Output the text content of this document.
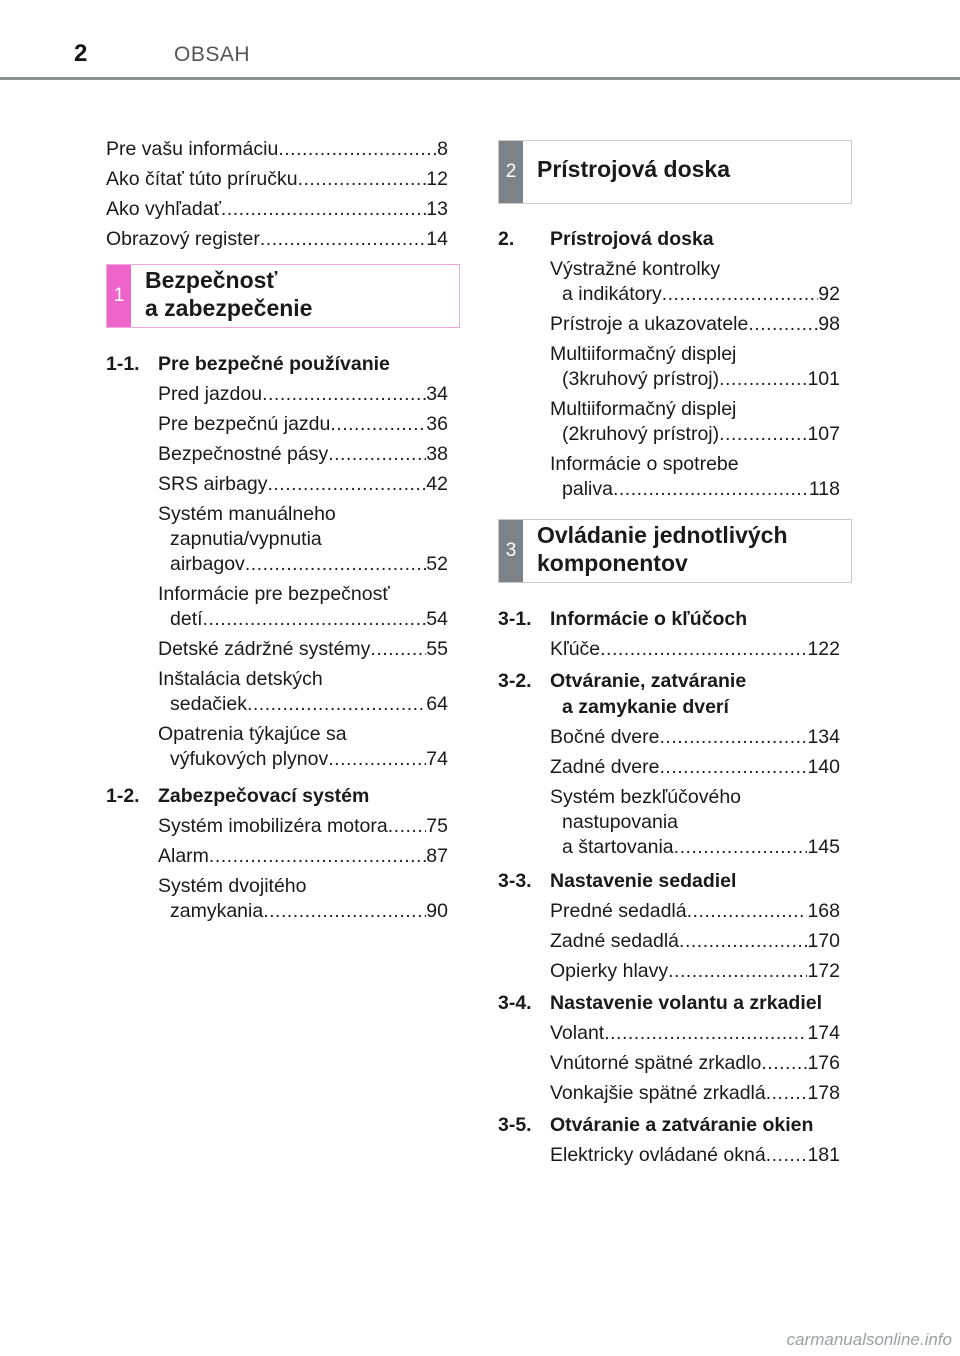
2	OBSAH
Pre vašu informáciu .....	8
Ako čítať túto príručku .....	12
Ako vyhľadať .....	13
Obrazový register .....	14
1
Bezpečnosť
a zabezpečenie
1-1. Pre bezpečné používanie
Pred jazdou .....	34
Pre bezpečnú jazdu .....	36
Bezpečnostné pásy .....	38
SRS airbagy .....	42
Systém manuálneho
zapnutia/vypnutia
airbagov .....	52
Informácie pre bezpečnosť
detí .....	54
Detské zádržné systémy .....	55
Inštalácia detských
sedačiek .....	64
Opatrenia týkajúce sa
výfukových plynov .....	74
1-2. Zabezpečovací systém
Systém imobilizéra motora ..... 75
Alarm .....	87
Systém dvojitého
zamykania .....	90
2 Prístrojová doska
2. Prístrojová doska
Výstražné kontrolky
a indikátory .....	92
Prístroje a ukazovatele .....	98
Multiiformačný displej
(3kruhový prístroj) .....	101
Multiiformačný displej
(2kruhový prístroj) .....	107
Informácie o spotrebe
paliva .....	118
3
Ovládanie jednotlivých
komponentov
3-1. Informácie o kľúčoch
Kľúče .....	122
3-2. Otváranie, zatváranie
a zamykanie dverí
Bočné dvere .....	134
Zadné dvere .....	140
Systém bezkľúčového
nastupovania
a štartovania .....	145
3-3. Nastavenie sedadiel
Predné sedadlá .....	168
Zadné sedadlá .....	170
Opierky hlavy .....	172
3-4. Nastavenie volantu a zrkadiel
Volant .....	174
Vnútorné spätné zrkadlo ..... 176
Vonkajšie spätné zrkadlá ..... 178
3-5. Otváranie a zatváranie okien
Elektricky ovládané okná ..... 181
carmanualsonline.info
